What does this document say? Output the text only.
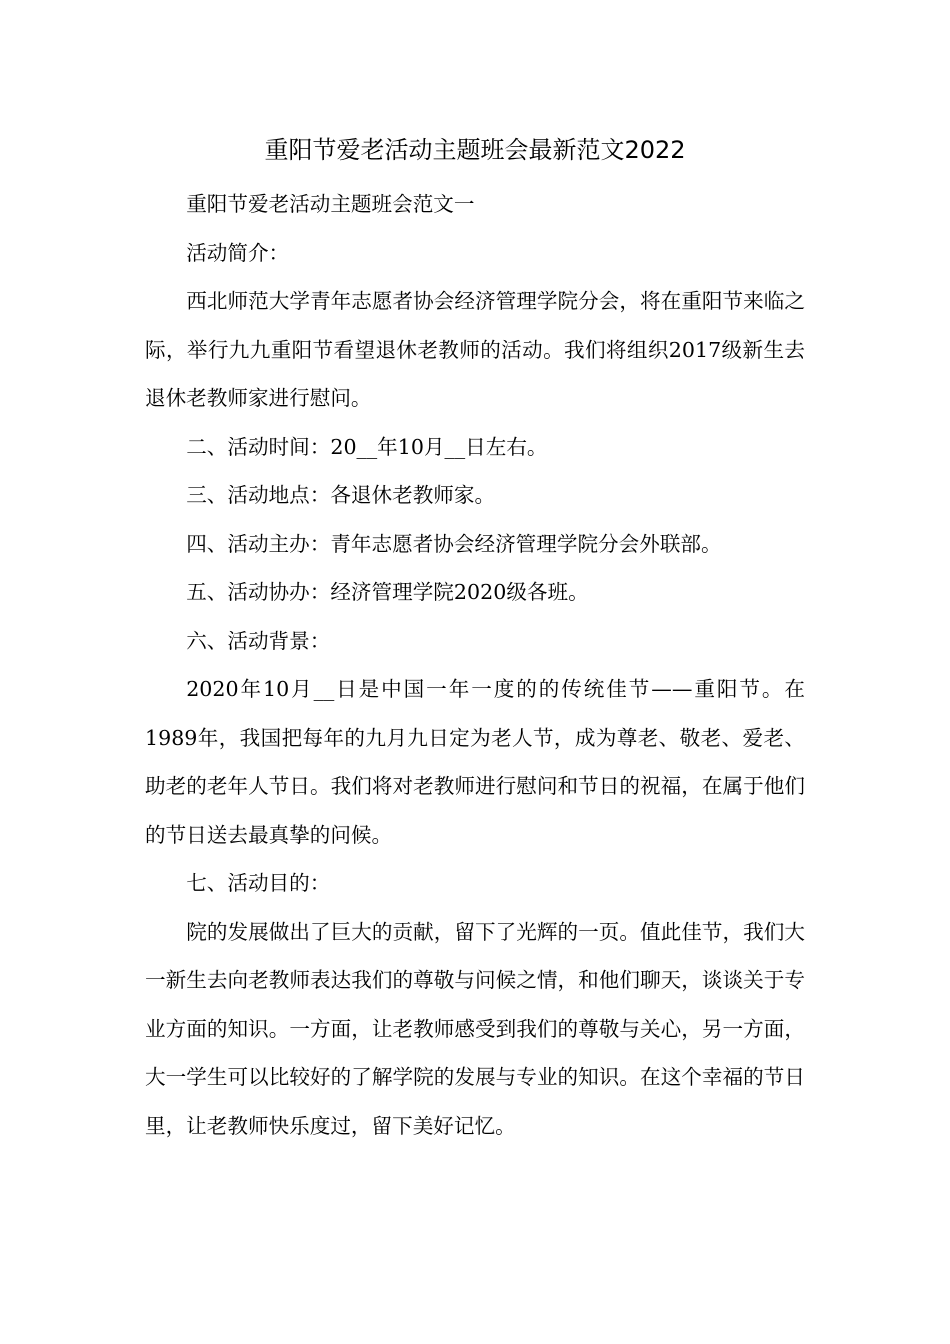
重阳节爱老活动主题班会最新范文2022

重阳节爱老活动主题班会范文一

活动简介：

西北师范大学青年志愿者协会经济管理学院分会，将在重阳节来临之际，举行九九重阳节看望退休老教师的活动。我们将组织2017级新生去退休老教师家进行慰问。

二、活动时间：20__年10月__日左右。

三、活动地点：各退休老教师家。

四、活动主办：青年志愿者协会经济管理学院分会外联部。

五、活动协办：经济管理学院2020级各班。

六、活动背景：

2020年10月__日是中国一年一度的的传统佳节——重阳节。在1989年，我国把每年的九月九日定为老人节，成为尊老、敬老、爱老、助老的老年人节日。我们将对老教师进行慰问和节日的祝福，在属于他们的节日送去最真挚的问候。

七、活动目的：

院的发展做出了巨大的贡献，留下了光辉的一页。值此佳节，我们大一新生去向老教师表达我们的尊敬与问候之情，和他们聊天，谈谈关于专业方面的知识。一方面，让老教师感受到我们的尊敬与关心，另一方面，大一学生可以比较好的了解学院的发展与专业的知识。在这个幸福的节日里，让老教师快乐度过，留下美好记忆。
